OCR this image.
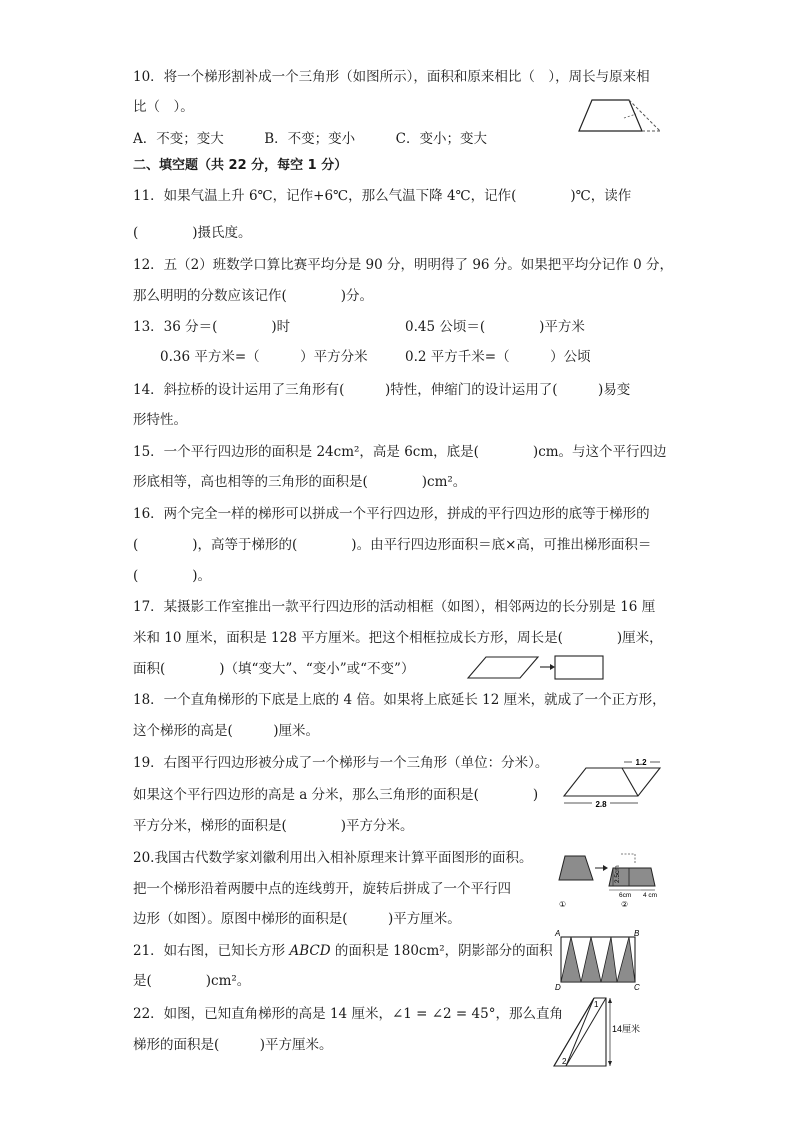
10．将一个梯形割补成一个三角形（如图所示），面积和原来相比（　），周长与原来相
比（　）。
A．不变；变大　　　B．不变；变小　　　C．变小；变大
二、填空题（共 22 分，每空 1 分）
11．如果气温上升 6℃，记作+6℃，那么气温下降 4℃，记作(　　　　)℃，读作
(　　　　)摄氏度。
12．五（2）班数学口算比赛平均分是 90 分，明明得了 96 分。如果把平均分记作 0 分，
那么明明的分数应该记作(　　　　)分。
13．36 分＝(　　　　)时	0.45 公顷＝(　　　　)平方米
0.36 平方米=（　　　）平方分米	0.2 平方千米=（　　　）公顷
14．斜拉桥的设计运用了三角形有(　　　)特性，伸缩门的设计运用了(　　　)易变
形特性。
15．一个平行四边形的面积是 24cm²，高是 6cm，底是(　　　　)cm。与这个平行四边
形底相等，高也相等的三角形的面积是(　　　　)cm²。
16．两个完全一样的梯形可以拼成一个平行四边形，拼成的平行四边形的底等于梯形的
(　　　　)，高等于梯形的(　　　　)。由平行四边形面积＝底×高，可推出梯形面积＝
(　　　　)。
17．某摄影工作室推出一款平行四边形的活动相框（如图），相邻两边的长分别是 16 厘
米和 10 厘米，面积是 128 平方厘米。把这个相框拉成长方形，周长是(　　　　)厘米，
面积(　　　　)（填“变大”、“变小”或“不变”）
18．一个直角梯形的下底是上底的 4 倍。如果将上底延长 12 厘米，就成了一个正方形，
这个梯形的高是(　　　)厘米。
19．右图平行四边形被分成了一个梯形与一个三角形（单位：分米）。
如果这个平行四边形的高是 a 分米，那么三角形的面积是(　　　　)
平方分米，梯形的面积是(　　　　)平方分米。
1.2
2.8
20.我国古代数学家刘徽利用出入相补原理来计算平面图形的面积。
把一个梯形沿着两腰中点的连线剪开，旋转后拼成了一个平行四
边形（如图）。原图中梯形的面积是(　　　)平方厘米。
2.5cm
6cm 4 cm
①	②
21．如右图，已知长方形 ABCD 的面积是 180cm²，阴影部分的面积
是(　　　　)cm²。
A	B
D	C
22．如图，已知直角梯形的高是 14 厘米，∠1 = ∠2 = 45°，那么直角
梯形的面积是(　　　)平方厘米。
14厘米
1
2
